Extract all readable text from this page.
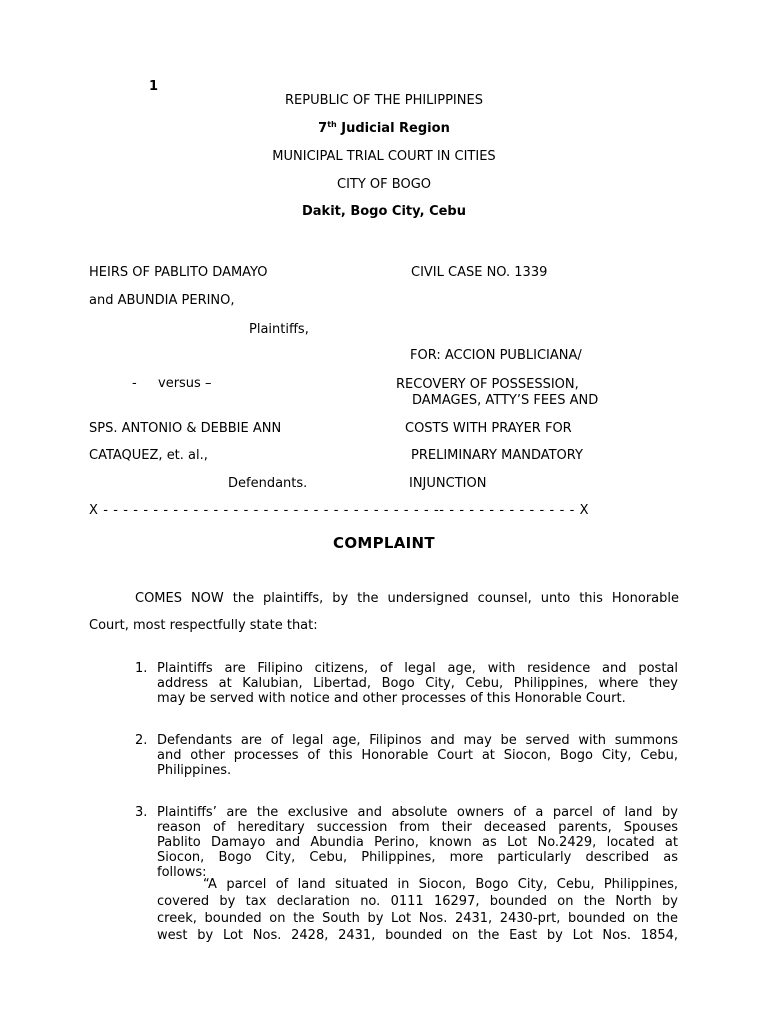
1
REPUBLIC OF THE PHILIPPINES
7th Judicial Region
MUNICIPAL TRIAL COURT IN CITIES
CITY OF BOGO
Dakit, Bogo City, Cebu
HEIRS OF PABLITO DAMAYO
and ABUNDIA PERINO,
Plaintiffs,
CIVIL CASE NO. 1339
FOR: ACCION PUBLICIANA/
- versus –	RECOVERY OF POSSESSION,
DAMAGES, ATTY’S FEES AND
SPS. ANTONIO & DEBBIE ANN	COSTS WITH PRAYER FOR
CATAQUEZ, et. al.,	PRELIMINARY MANDATORY
Defendants.	INJUNCTION
X - - - - - - - - - - - - - - - - - - - - - - - - - - - - - - - - - -- - - - - - - - - - - - - - X
COMPLAINT
COMES NOW the plaintiffs, by the undersigned counsel, unto this Honorable
Court, most respectfully state that:
1. Plaintiffs are Filipino citizens, of legal age, with residence and postal
address at Kalubian, Libertad, Bogo City, Cebu, Philippines, where they
may be served with notice and other processes of this Honorable Court.
2. Defendants are of legal age, Filipinos and may be served with summons
and other processes of this Honorable Court at Siocon, Bogo City, Cebu,
Philippines.
3. Plaintiffs’ are the exclusive and absolute owners of a parcel of land by
reason of hereditary succession from their deceased parents, Spouses
Pablito Damayo and Abundia Perino, known as Lot No.2429, located at
Siocon, Bogo City, Cebu, Philippines, more particularly described as
follows:
“A parcel of land situated in Siocon, Bogo City, Cebu, Philippines,
covered by tax declaration no. 0111 16297, bounded on the North by
creek, bounded on the South by Lot Nos. 2431, 2430-prt, bounded on the
west by Lot Nos. 2428, 2431, bounded on the East by Lot Nos. 1854,
